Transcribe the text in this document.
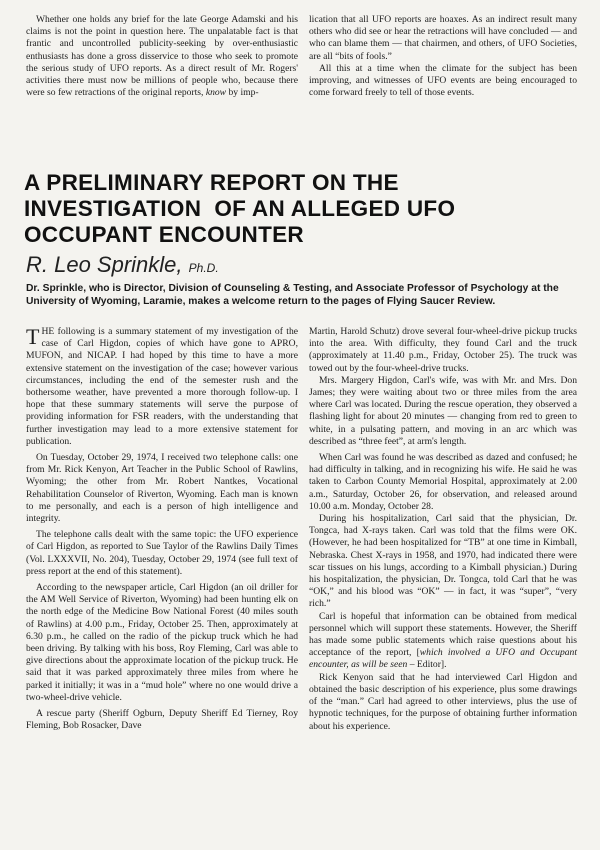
Whether one holds any brief for the late George Adamski and his claims is not the point in question here. The unpalatable fact is that frantic and uncontrolled publicity-seeking by over-enthusiastic enthusiasts has done a gross disservice to those who seek to promote the serious study of UFO reports. As a direct result of Mr. Rogers' activities there must now be millions of people who, because there were so few retractions of the original reports, know by imp-

lication that all UFO reports are hoaxes. As an indirect result many others who did see or hear the retractions will have concluded — and who can blame them — that chairmen, and others, of UFO Societies, are all “bits of fools.”

All this at a time when the climate for the subject has been improving, and witnesses of UFO events are being encouraged to come forward freely to tell of those events.

A PRELIMINARY REPORT ON THE
INVESTIGATION  OF AN ALLEGED UFO
OCCUPANT ENCOUNTER
R. Leo Sprinkle, Ph.D.
Dr. Sprinkle, who is Director, Division of Counseling & Testing, and Associate Professor of Psychology at the University of Wyoming, Laramie, makes a welcome return to the pages of Flying Saucer Review.

THE following is a summary statement of my investigation of the case of Carl Higdon, copies of which have gone to APRO, MUFON, and NICAP. I had hoped by this time to have a more extensive statement on the investigation of the case; however various circumstances, including the end of the semester rush and the bothersome weather, have prevented a more thorough follow-up. I hope that these summary statements will serve the purpose of providing information for FSR readers, with the understanding that further investigation may lead to a more extensive statement for publication.

On Tuesday, October 29, 1974, I received two telephone calls: one from Mr. Rick Kenyon, Art Teacher in the Public School of Rawlins, Wyoming; the other from Mr. Robert Nantkes, Vocational Rehabilitation Counselor of Riverton, Wyoming. Each man is known to me personally, and each is a person of high intelligence and integrity.

The telephone calls dealt with the same topic: the UFO experience of Carl Higdon, as reported to Sue Taylor of the Rawlins Daily Times (Vol. LXXXVII, No. 204), Tuesday, October 29, 1974 (see full text of press report at the end of this statement).

According to the newspaper article, Carl Higdon (an oil driller for the AM Well Service of Riverton, Wyoming) had been hunting elk on the north edge of the Medicine Bow National Forest (40 miles south of Rawlins) at 4.00 p.m., Friday, October 25. Then, approximately at 6.30 p.m., he called on the radio of the pickup truck which he had been driving. By talking with his boss, Roy Fleming, Carl was able to give directions about the approximate location of the pickup truck. He said that it was parked approximately three miles from where he parked it initially; it was in a “mud hole” where no one would drive a two-wheel-drive vehicle.

A rescue party (Sheriff Ogburn, Deputy Sheriff Ed Tierney, Roy Fleming, Bob Rosacker, Dave

Martin, Harold Schutz) drove several four-wheel-drive pickup trucks into the area. With difficulty, they found Carl and the truck (approximately at 11.40 p.m., Friday, October 25). The truck was towed out by the four-wheel-drive trucks.

Mrs. Margery Higdon, Carl's wife, was with Mr. and Mrs. Don James; they were waiting about two or three miles from the area where Carl was located. During the rescue operation, they observed a flashing light for about 20 minutes — changing from red to green to white, in a pulsating pattern, and moving in an arc which was described as “three feet”, at arm's length.

When Carl was found he was described as dazed and confused; he had difficulty in talking, and in recognizing his wife. He said he was taken to Carbon County Memorial Hospital, approximately at 2.00 a.m., Saturday, October 26, for observation, and released around 10.00 a.m. Monday, October 28.

During his hospitalization, Carl said that the physician, Dr. Tongca, had X-rays taken. Carl was told that the films were OK. (However, he had been hospitalized for “TB” at one time in Kimball, Nebraska. Chest X-rays in 1958, and 1970, had indicated there were scar tissues on his lungs, according to a Kimball physician.) During his hospitalization, the physician, Dr. Tongca, told Carl that he was “OK,” and his blood was “OK” — in fact, it was “super”, “very rich.”

Carl is hopeful that information can be obtained from medical personnel which will support these statements. However, the Sheriff has made some public statements which raise questions about his acceptance of the report, [which involved a UFO and Occupant encounter, as will be seen – Editor].

Rick Kenyon said that he had interviewed Carl Higdon and obtained the basic description of his experience, plus some drawings of the “man.” Carl had agreed to other interviews, plus the use of hypnotic techniques, for the purpose of obtaining further information about his experience.
